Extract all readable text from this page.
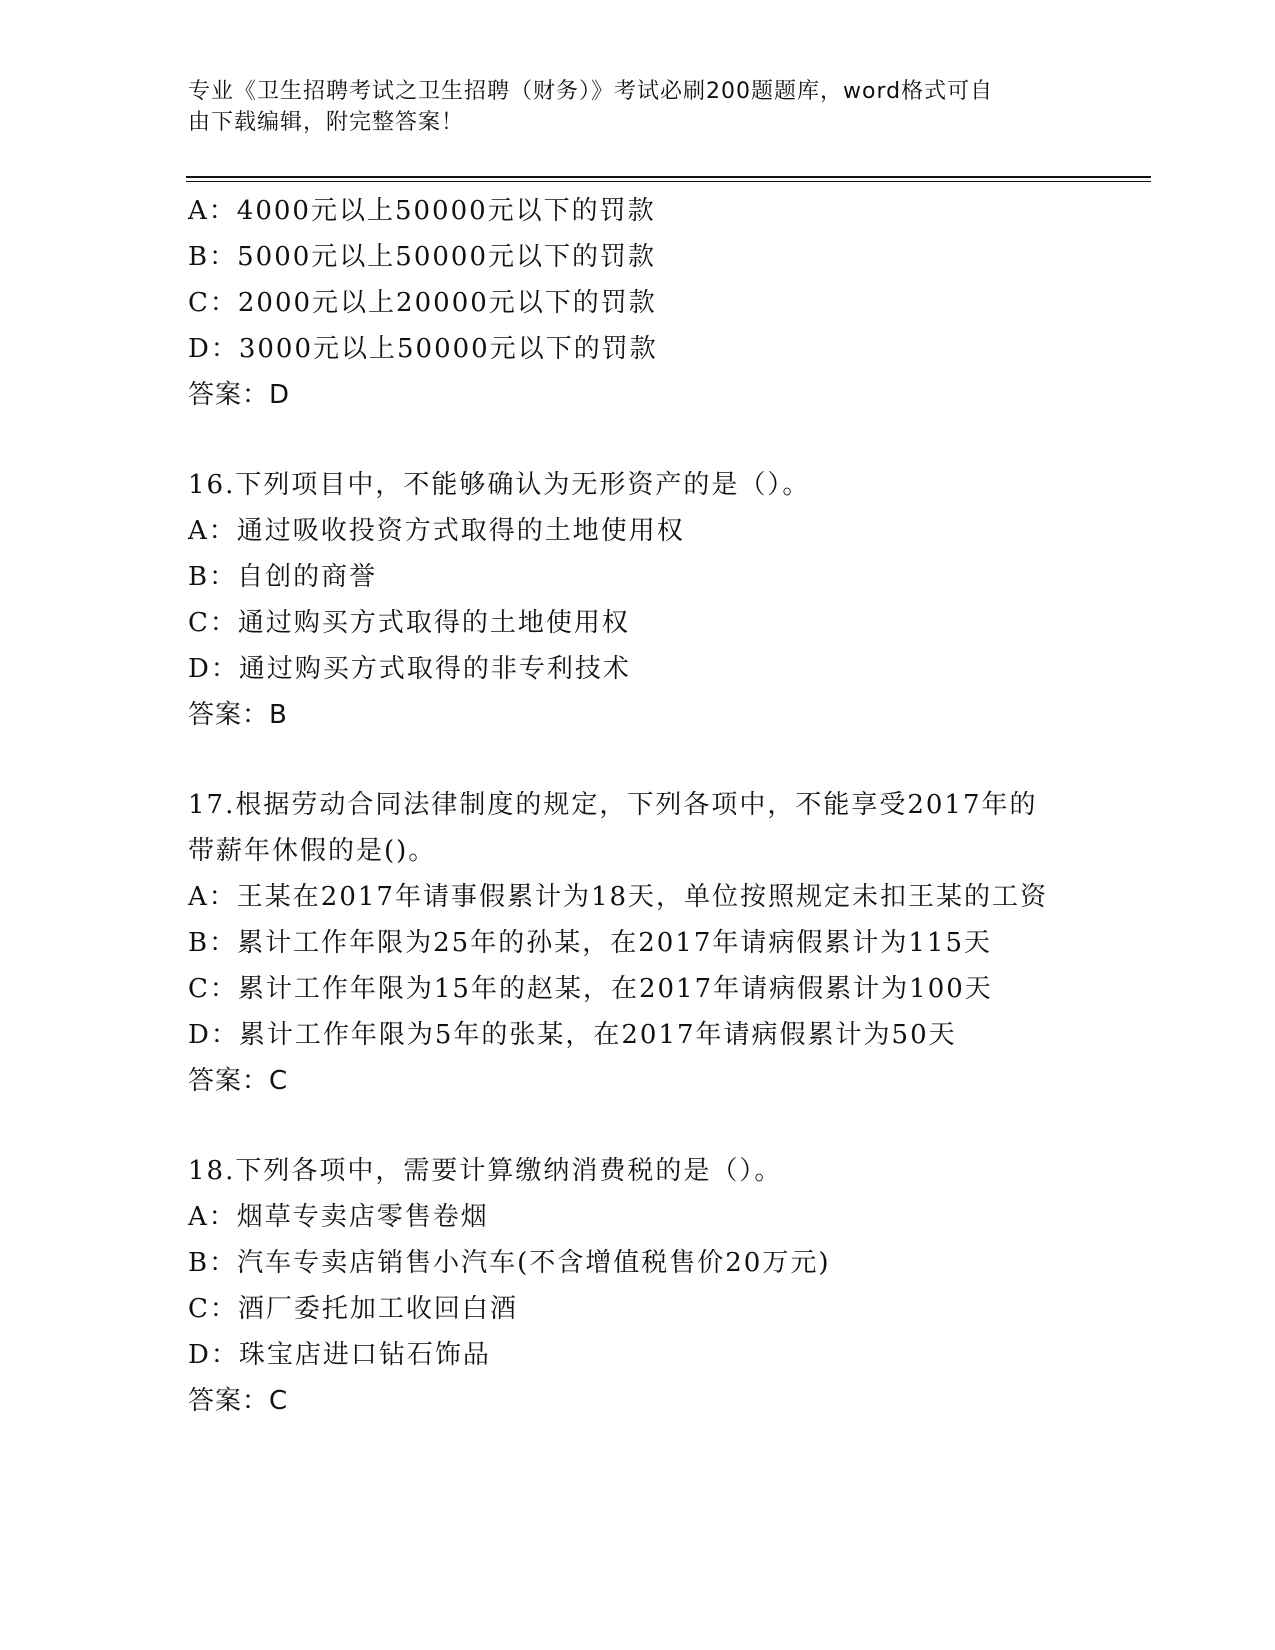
专业《卫生招聘考试之卫生招聘（财务）》考试必刷200题题库，word格式可自
由下载编辑，附完整答案！
A：4000元以上50000元以下的罚款
B：5000元以上50000元以下的罚款
C：2000元以上20000元以下的罚款
D：3000元以上50000元以下的罚款
答案：D
16.下列项目中，不能够确认为无形资产的是（）。
A：通过吸收投资方式取得的土地使用权
B：自创的商誉
C：通过购买方式取得的土地使用权
D：通过购买方式取得的非专利技术
答案：B
17.根据劳动合同法律制度的规定，下列各项中，不能享受2017年的
带薪年休假的是()。
A：王某在2017年请事假累计为18天，单位按照规定未扣王某的工资
B：累计工作年限为25年的孙某，在2017年请病假累计为115天
C：累计工作年限为15年的赵某，在2017年请病假累计为100天
D：累计工作年限为5年的张某，在2017年请病假累计为50天
答案：C
18.下列各项中，需要计算缴纳消费税的是（）。
A：烟草专卖店零售卷烟
B：汽车专卖店销售小汽车(不含增值税售价20万元)
C：酒厂委托加工收回白酒
D：珠宝店进口钻石饰品
答案：C
